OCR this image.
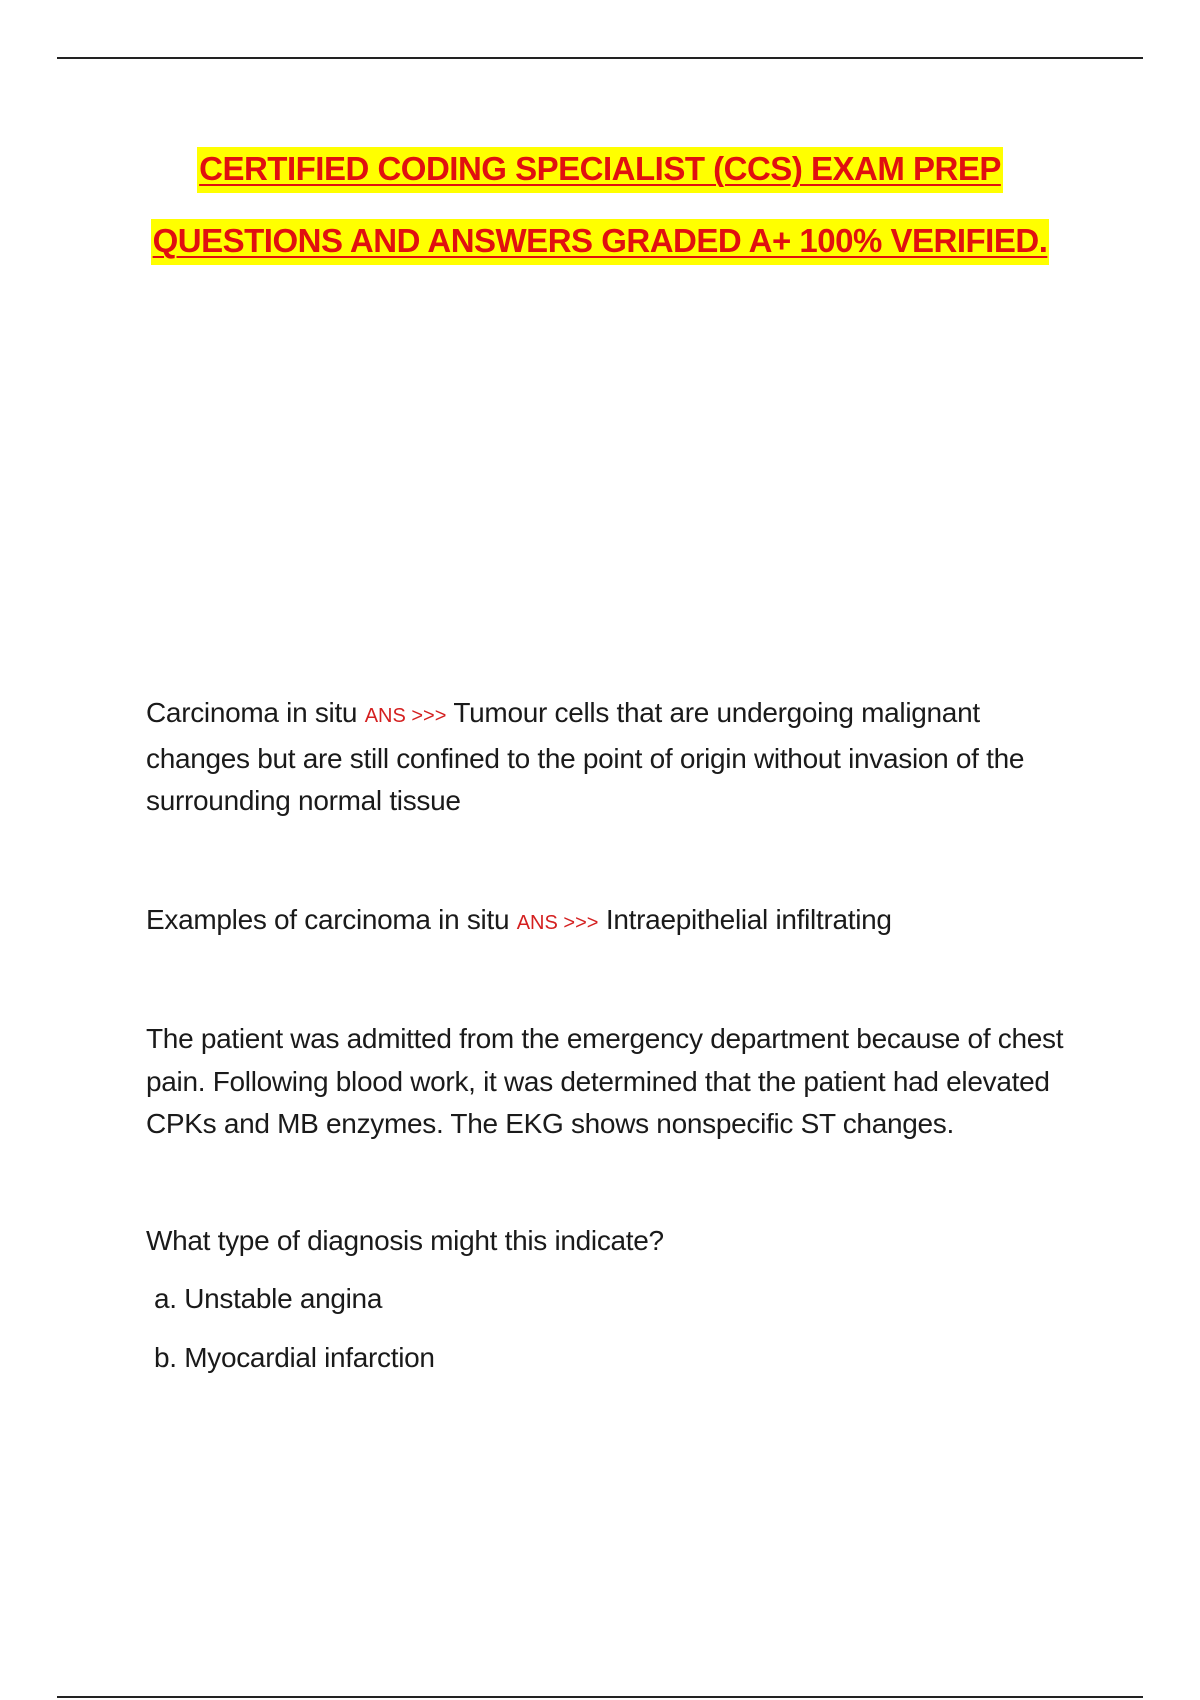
CERTIFIED CODING SPECIALIST (CCS) EXAM PREP
QUESTIONS AND ANSWERS GRADED A+ 100% VERIFIED.

Carcinoma in situ ANS >>> Tumour cells that are undergoing malignant changes but are still confined to the point of origin without invasion of the surrounding normal tissue

Examples of carcinoma in situ ANS >>> Intraepithelial infiltrating

The patient was admitted from the emergency department because of chest pain. Following blood work, it was determined that the patient had elevated CPKs and MB enzymes. The EKG shows nonspecific ST changes.

What type of diagnosis might this indicate?

a. Unstable angina

b. Myocardial infarction
